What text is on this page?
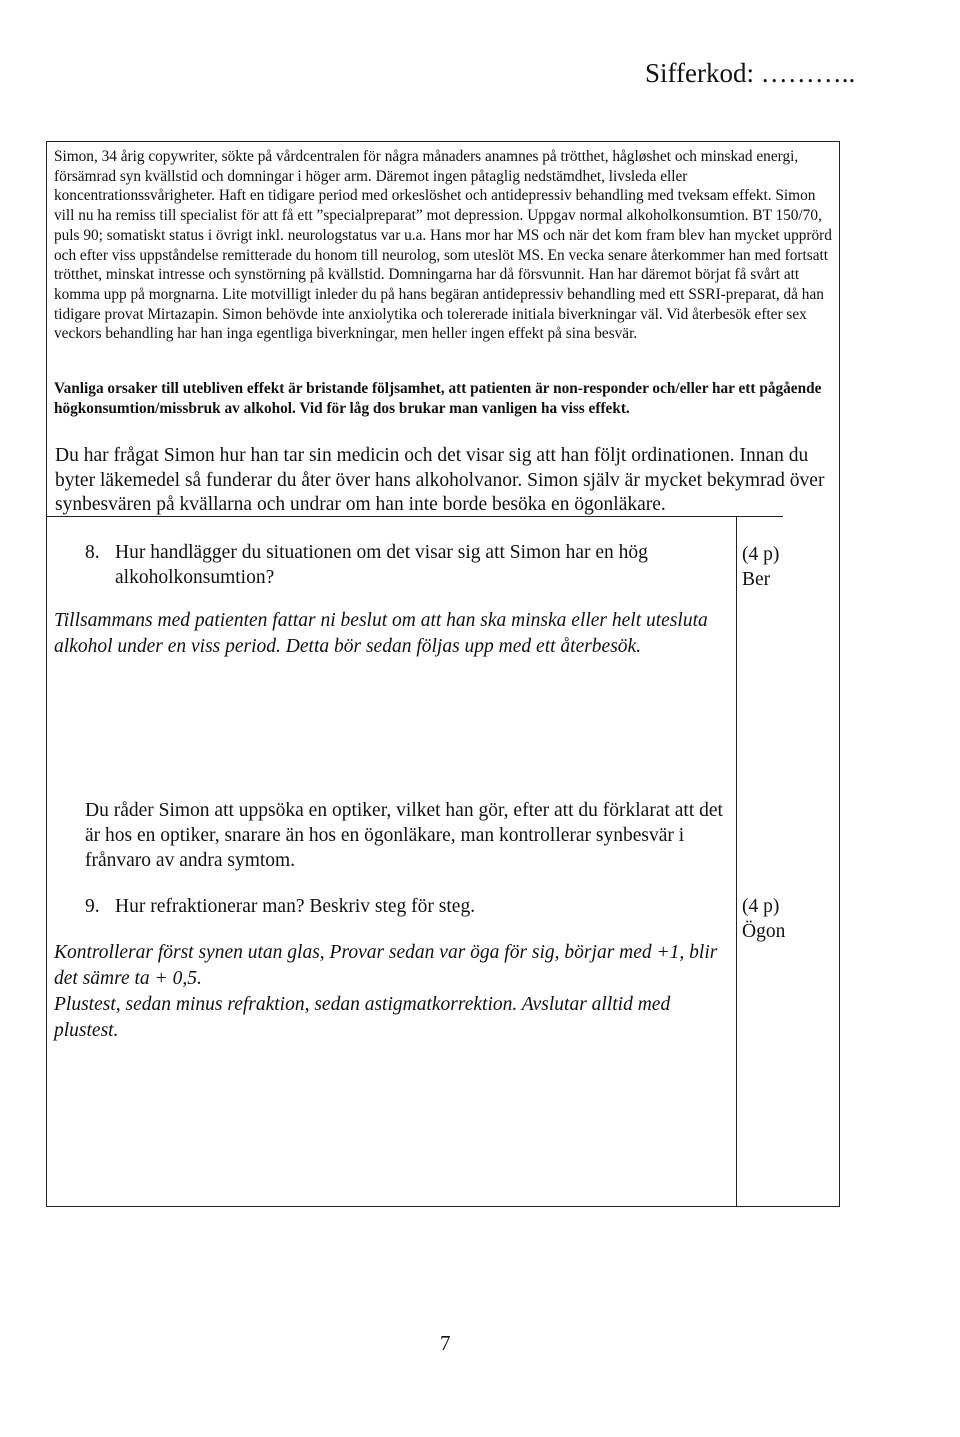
Sifferkod: ………..

Simon, 34 årig copywriter, sökte på vårdcentralen för några månaders anamnes på trötthet, hågløshet och minskad energi, försämrad syn kvällstid och domningar i höger arm. Däremot ingen påtaglig nedstämdhet, livsleda eller koncentrationssvårigheter. Haft en tidigare period med orkeslöshet och antidepressiv behandling med tveksam effekt. Simon vill nu ha remiss till specialist för att få ett ”specialpreparat” mot depression. Uppgav normal alkoholkonsumtion. BT 150/70, puls 90; somatiskt status i övrigt inkl. neurologstatus var u.a. Hans mor har MS och när det kom fram blev han mycket upprörd och efter viss uppståndelse remitterade du honom till neurolog, som uteslöt MS. En vecka senare återkommer han med fortsatt trötthet, minskat intresse och synstörning på kvällstid. Domningarna har då försvunnit. Han har däremot börjat få svårt att komma upp på morgnarna. Lite motvilligt inleder du på hans begäran antidepressiv behandling med ett SSRI-preparat, då han tidigare provat Mirtazapin. Simon behövde inte anxiolytika och tolererade initiala biverkningar väl. Vid återbesök efter sex veckors behandling har han inga egentliga biverkningar, men heller ingen effekt på sina besvär.

Vanliga orsaker till utebliven effekt är bristande följsamhet, att patienten är non-responder och/eller har ett pågående högkonsumtion/missbruk av alkohol. Vid för låg dos brukar man vanligen ha viss effekt.

Du har frågat Simon hur han tar sin medicin och det visar sig att han följt ordinationen. Innan du byter läkemedel så funderar du åter över hans alkoholvanor. Simon själv är mycket bekymrad över synbesvären på kvällarna och undrar om han inte borde besöka en ögonläkare.

8. Hur handlägger du situationen om det visar sig att Simon har en hög alkoholkonsumtion?
(4 p)
Ber

Tillsammans med patienten fattar ni beslut om att han ska minska eller helt utesluta alkohol under en viss period. Detta bör sedan följas upp med ett återbesök.

Du råder Simon att uppsöka en optiker, vilket han gör, efter att du förklarat att det är hos en optiker, snarare än hos en ögonläkare, man kontrollerar synbesvär i frånvaro av andra symtom.

9. Hur refraktionerar man? Beskriv steg för steg.	(4 p)
Ögon
Kontrollerar först synen utan glas, Provar sedan var öga för sig, börjar med +1, blir det sämre ta + 0,5.
Plustest, sedan minus refraktion, sedan astigmatkorrektion. Avslutar alltid med plustest.
7
